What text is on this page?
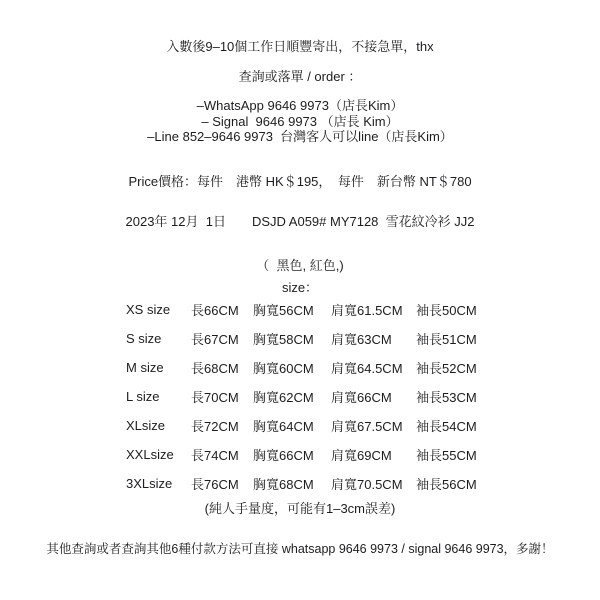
入數後9–10個工作日順豐寄出，不接急單，thx
查詢或落單 / order ：
–WhatsApp 9646 9973（店長Kim）
– Signal  9646 9973 （店長 Kim）
–Line 852–9646 9973  台灣客人可以line（店長Kim）
Price價格：每件　港幣 HK＄195，　每件　新台幣 NT＄780
2023年 12月  1日　　DSJD A059# MY7128  雪花紋冷衫 JJ2
（  黑色, 紅色,)
size：
XS size	長66CM	胸寬56CM	肩寬61.5CM	袖長50CM
S size	長67CM	胸寬58CM	肩寬63CM	袖長51CM
M size	長68CM	胸寬60CM	肩寬64.5CM	袖長52CM
L size	長70CM	胸寬62CM	肩寬66CM	袖長53CM
XLsize	長72CM	胸寬64CM	肩寬67.5CM	袖長54CM
XXLsize	長74CM	胸寬66CM	肩寬69CM	袖長55CM
3XLsize	長76CM	胸寬68CM	肩寬70.5CM	袖長56CM
(純人手量度，可能有1–3cm誤差)
其他查詢或者查詢其他6種付款方法可直接 whatsapp 9646 9973 / signal 9646 9973，多謝！
